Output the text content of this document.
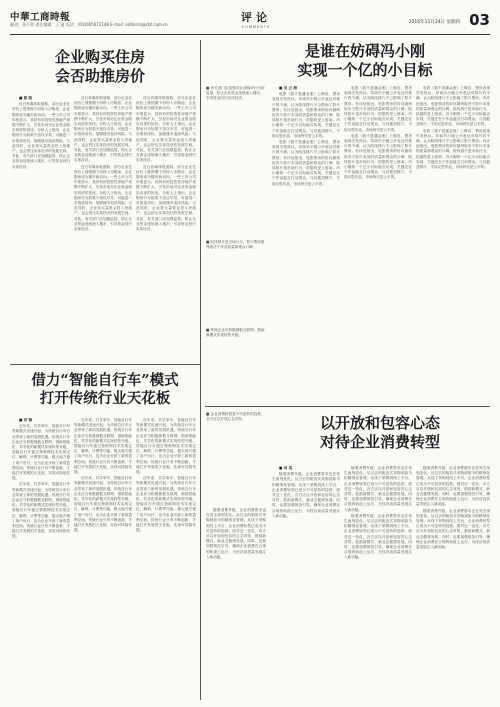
中華工商時報
副刊：张小翠 责任编辑：王 迪 电话：(010)65072148 E-mail: editorial@cbt.com.cn
评论
COMMENTS
2016年11月24日 星期四 03
企业购买住房
会否助推房价

■ 郭 凯

近日有媒体报道称，部分企业在房价上涨预期下纷纷入市购房，企业购房成为楼市新动向。一些上市公司年报显示，其持有的投资性房地产规模不断扩大，引发市场对企业资金脱实向虚的担忧。分析人士指出，企业购房行为如果不加以引导，可能进一步推高房价，加剧楼市泡沫风险。与此同时，企业将大量资金投入房地产，也会挤压实体经济的发展空间。对此，有关部门应加强监管，防止企业资金违规流入楼市，引导资金回归实体经济。

近日有媒体报道称，部分企业在房价上涨预期下纷纷入市购房，企业购房成为楼市新动向。一些上市公司年报显示，其持有的投资性房地产规模不断扩大，引发市场对企业资金脱实向虚的担忧。分析人士指出，企业购房行为如果不加以引导，可能进一步推高房价，加剧楼市泡沫风险。与此同时，企业将大量资金投入房地产，也会挤压实体经济的发展空间。对此，有关部门应加强监管，防止企业资金违规流入楼市，引导资金回归实体经济。

近日有媒体报道称，部分企业在房价上涨预期下纷纷入市购房，企业购房成为楼市新动向。一些上市公司年报显示，其持有的投资性房地产规模不断扩大，引发市场对企业资金脱实向虚的担忧。分析人士指出，企业购房行为如果不加以引导，可能进一步推高房价，加剧楼市泡沫风险。与此同时，企业将大量资金投入房地产，也会挤压实体经济的发展空间。对此，有关部门应加强监管，防止企业资金违规流入楼市，引导资金回归实体经济。

近日有媒体报道称，部分企业在房价上涨预期下纷纷入市购房，企业购房成为楼市新动向。一些上市公司年报显示，其持有的投资性房地产规模不断扩大，引发市场对企业资金脱实向虚的担忧。分析人士指出，企业购房行为如果不加以引导，可能进一步推高房价，加剧楼市泡沫风险。与此同时，企业将大量资金投入房地产，也会挤压实体经济的发展空间。对此，有关部门应加强监管，防止企业资金违规流入楼市，引导资金回归实体经济。

近日有媒体报道称，部分企业在房价上涨预期下纷纷入市购房，企业购房成为楼市新动向。一些上市公司年报显示，其持有的投资性房地产规模不断扩大，引发市场对企业资金脱实向虚的担忧。分析人士指出，企业购房行为如果不加以引导，可能进一步推高房价，加剧楼市泡沫风险。与此同时，企业将大量资金投入房地产，也会挤压实体经济的发展空间。对此，有关部门应加强监管，防止企业资金违规流入楼市，引导资金回归实体经济。

是谁在妨碍冯小刚
实现一个亿的小目标
■ 有关部门应加强对企业购房行为的监管，防止企业资金违规流入楼市，引导资金回归实体经济。
■ 院线排片是市场行为，影片票房最终取决于作品质量和观众口碑。
■ 传统企业应积极拥抱互联网，借助新模式实现转型升级。

■ 吴 立 海

电影《我不是潘金莲》上映后，票房表现引发热议。导演冯小刚公开表达对排片的不满，认为院线排片不公影响了影片票房。有评论指出，电影票房的好坏最终取决于影片本身的质量和观众的口碑，院线排片是市场行为，依据的是上座率。冯小刚的一个亿小目标能否实现，关键还在于作品能否打动观众。与其抱怨排片，不如反思作品，市场终究是公平的。

电影《我不是潘金莲》上映后，票房表现引发热议。导演冯小刚公开表达对排片的不满，认为院线排片不公影响了影片票房。有评论指出，电影票房的好坏最终取决于影片本身的质量和观众的口碑，院线排片是市场行为，依据的是上座率。冯小刚的一个亿小目标能否实现，关键还在于作品能否打动观众。与其抱怨排片，不如反思作品，市场终究是公平的。

电影《我不是潘金莲》上映后，票房表现引发热议。导演冯小刚公开表达对排片的不满，认为院线排片不公影响了影片票房。有评论指出，电影票房的好坏最终取决于影片本身的质量和观众的口碑，院线排片是市场行为，依据的是上座率。冯小刚的一个亿小目标能否实现，关键还在于作品能否打动观众。与其抱怨排片，不如反思作品，市场终究是公平的。

电影《我不是潘金莲》上映后，票房表现引发热议。导演冯小刚公开表达对排片的不满，认为院线排片不公影响了影片票房。有评论指出，电影票房的好坏最终取决于影片本身的质量和观众的口碑，院线排片是市场行为，依据的是上座率。冯小刚的一个亿小目标能否实现，关键还在于作品能否打动观众。与其抱怨排片，不如反思作品，市场终究是公平的。

电影《我不是潘金莲》上映后，票房表现引发热议。导演冯小刚公开表达对排片的不满，认为院线排片不公影响了影片票房。有评论指出，电影票房的好坏最终取决于影片本身的质量和观众的口碑，院线排片是市场行为，依据的是上座率。冯小刚的一个亿小目标能否实现，关键还在于作品能否打动观众。与其抱怨排片，不如反思作品，市场终究是公平的。

电影《我不是潘金莲》上映后，票房表现引发热议。导演冯小刚公开表达对排片的不满，认为院线排片不公影响了影片票房。有评论指出，电影票房的好坏最终取决于影片本身的质量和观众的口碑，院线排片是市场行为，依据的是上座率。冯小刚的一个亿小目标能否实现，关键还在于作品能否打动观众。与其抱怨排片，不如反思作品，市场终究是公平的。

借力“智能自行车”模式
打开传统行业天花板

■ 苏 锋

近年来，共享单车、智能自行车等新模式迅速兴起，为传统自行车行业带来了新的发展机遇。传统自行车企业应当积极拥抱互联网，借助智能化、共享化的新模式实现转型升级。智能自行车通过物联网技术实现定位、解锁、计费等功能，极大地方便了用户出行，也为企业开辟了新的盈利空间。传统行业只有不断创新，才能打开发展的天花板，实现可持续发展。

近年来，共享单车、智能自行车等新模式迅速兴起，为传统自行车行业带来了新的发展机遇。传统自行车企业应当积极拥抱互联网，借助智能化、共享化的新模式实现转型升级。智能自行车通过物联网技术实现定位、解锁、计费等功能，极大地方便了用户出行，也为企业开辟了新的盈利空间。传统行业只有不断创新，才能打开发展的天花板，实现可持续发展。

近年来，共享单车、智能自行车等新模式迅速兴起，为传统自行车行业带来了新的发展机遇。传统自行车企业应当积极拥抱互联网，借助智能化、共享化的新模式实现转型升级。智能自行车通过物联网技术实现定位、解锁、计费等功能，极大地方便了用户出行，也为企业开辟了新的盈利空间。传统行业只有不断创新，才能打开发展的天花板，实现可持续发展。

近年来，共享单车、智能自行车等新模式迅速兴起，为传统自行车行业带来了新的发展机遇。传统自行车企业应当积极拥抱互联网，借助智能化、共享化的新模式实现转型升级。智能自行车通过物联网技术实现定位、解锁、计费等功能，极大地方便了用户出行，也为企业开辟了新的盈利空间。传统行业只有不断创新，才能打开发展的天花板，实现可持续发展。

近年来，共享单车、智能自行车等新模式迅速兴起，为传统自行车行业带来了新的发展机遇。传统自行车企业应当积极拥抱互联网，借助智能化、共享化的新模式实现转型升级。智能自行车通过物联网技术实现定位、解锁、计费等功能，极大地方便了用户出行，也为企业开辟了新的盈利空间。传统行业只有不断创新，才能打开发展的天花板，实现可持续发展。

近年来，共享单车、智能自行车等新模式迅速兴起，为传统自行车行业带来了新的发展机遇。传统自行车企业应当积极拥抱互联网，借助智能化、共享化的新模式实现转型升级。智能自行车通过物联网技术实现定位、解锁、计费等功能，极大地方便了用户出行，也为企业开辟了新的盈利空间。传统行业只有不断创新，才能打开发展的天花板，实现可持续发展。

以开放和包容心态
对待企业消费转型
■ 企业消费转型是不可逆转的趋势，各方应以开放心态对待。

随着消费升级，企业消费需求也在发生深刻变化。从过去的粗放式采购到如今的精细化管理，从线下采购到线上平台，企业消费转型已成为不可逆转的趋势。面对这一变化，各方应以开放和包容的心态对待，鼓励新模式、新业态健康发展。同时，也要加强规范引导，确保企业消费在合规的轨道上运行，为经济高质量发展注入新动能。

■ 刘 英

随着消费升级，企业消费需求也在发生深刻变化。从过去的粗放式采购到如今的精细化管理，从线下采购到线上平台，企业消费转型已成为不可逆转的趋势。面对这一变化，各方应以开放和包容的心态对待，鼓励新模式、新业态健康发展。同时，也要加强规范引导，确保企业消费在合规的轨道上运行，为经济高质量发展注入新动能。

随着消费升级，企业消费需求也在发生深刻变化。从过去的粗放式采购到如今的精细化管理，从线下采购到线上平台，企业消费转型已成为不可逆转的趋势。面对这一变化，各方应以开放和包容的心态对待，鼓励新模式、新业态健康发展。同时，也要加强规范引导，确保企业消费在合规的轨道上运行，为经济高质量发展注入新动能。

随着消费升级，企业消费需求也在发生深刻变化。从过去的粗放式采购到如今的精细化管理，从线下采购到线上平台，企业消费转型已成为不可逆转的趋势。面对这一变化，各方应以开放和包容的心态对待，鼓励新模式、新业态健康发展。同时，也要加强规范引导，确保企业消费在合规的轨道上运行，为经济高质量发展注入新动能。

随着消费升级，企业消费需求也在发生深刻变化。从过去的粗放式采购到如今的精细化管理，从线下采购到线上平台，企业消费转型已成为不可逆转的趋势。面对这一变化，各方应以开放和包容的心态对待，鼓励新模式、新业态健康发展。同时，也要加强规范引导，确保企业消费在合规的轨道上运行，为经济高质量发展注入新动能。

随着消费升级，企业消费需求也在发生深刻变化。从过去的粗放式采购到如今的精细化管理，从线下采购到线上平台，企业消费转型已成为不可逆转的趋势。面对这一变化，各方应以开放和包容的心态对待，鼓励新模式、新业态健康发展。同时，也要加强规范引导，确保企业消费在合规的轨道上运行，为经济高质量发展注入新动能。
